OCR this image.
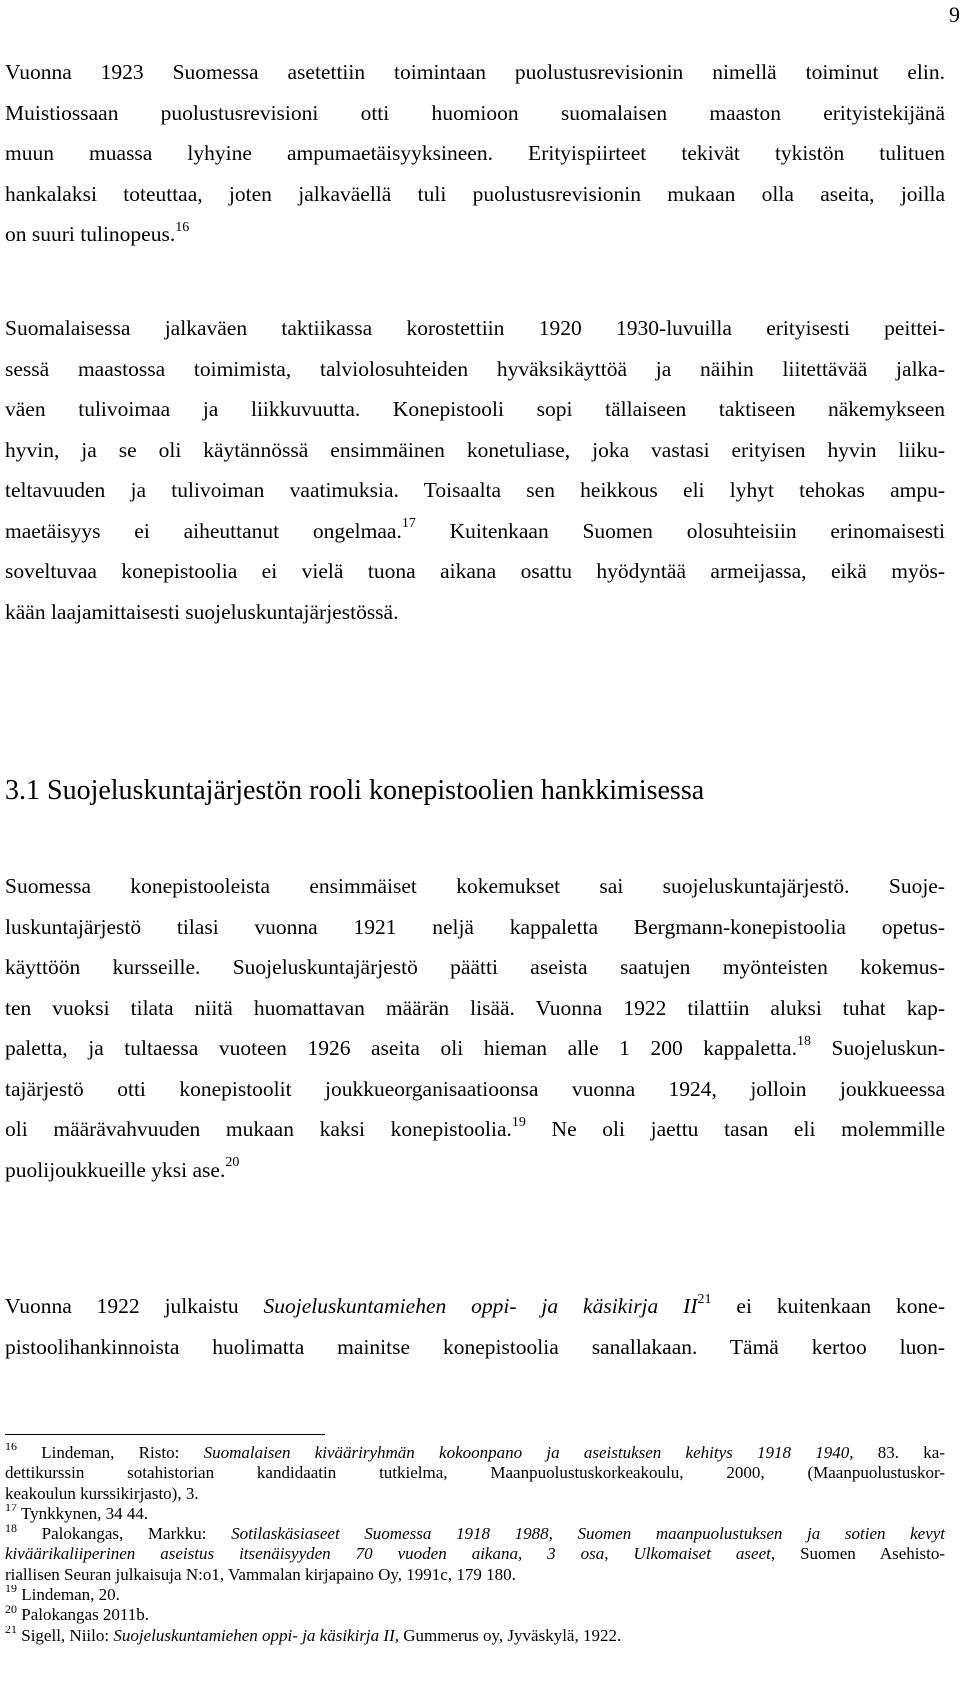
9
Vuonna 1923 Suomessa asetettiin toimintaan puolustusrevisionin nimellä toiminut elin.
Muistiossaan puolustusrevisioni otti huomioon suomalaisen maaston erityistekijänä
muun muassa lyhyine ampumaetäisyyksineen. Erityispiirteet tekivät tykistön tulituen
hankalaksi toteuttaa, joten jalkaväellä tuli puolustusrevisionin mukaan olla aseita, joilla
on suuri tulinopeus.$^{16}$
Suomalaisessa jalkaväen taktiikassa korostettiin 1920 1930-luvuilla erityisesti peittei-
sessä maastossa toimimista, talviolosuhteiden hyväksikäyttöä ja näihin liitettävää jalka-
väen tulivoimaa ja liikkuvuutta. Konepistooli sopi tällaiseen taktiseen näkemykseen
hyvin, ja se oli käytännössä ensimmäinen konetuliase, joka vastasi erityisen hyvin liiku-
teltavuuden ja tulivoiman vaatimuksia. Toisaalta sen heikkous eli lyhyt tehokas ampu-
maetäisyys ei aiheuttanut ongelmaa.$^{17}$ Kuitenkaan Suomen olosuhteisiin erinomaisesti
soveltuvaa konepistoolia ei vielä tuona aikana osattu hyödyntää armeijassa, eikä myös-
kään laajamittaisesti suojeluskuntajärjestössä.
3.1 Suojeluskuntajärjestön rooli konepistoolien hankkimisessa
Suomessa konepistooleista ensimmäiset kokemukset sai suojeluskuntajärjestö. Suoje-
luskuntajärjestö tilasi vuonna 1921 neljä kappaletta Bergmann-konepistoolia opetus-
käyttöön kursseille. Suojeluskuntajärjestö päätti aseista saatujen myönteisten kokemus-
ten vuoksi tilata niitä huomattavan määrän lisää. Vuonna 1922 tilattiin aluksi tuhat kap-
paletta, ja tultaessa vuoteen 1926 aseita oli hieman alle 1 200 kappaletta.$^{18}$ Suojeluskun-
tajärjestö otti konepistoolit joukkueorganisaatioonsa vuonna 1924, jolloin joukkueessa
oli määrävahvuuden mukaan kaksi konepistoolia.$^{19}$ Ne oli jaettu tasan eli molemmille
puolijoukkueille yksi ase.$^{20}$
Vuonna 1922 julkaistu Suojeluskuntamiehen oppi- ja käsikirja II$^{21}$ ei kuitenkaan kone-
pistoolihankinnoista huolimatta mainitse konepistoolia sanallakaan. Tämä kertoo luon-
$^{16}$ Lindeman, Risto: Suomalaisen kivääriryhmän kokoonpano ja aseistuksen kehitys 1918 1940, 83. ka-
dettikurssin sotahistorian kandidaatin tutkielma, Maanpuolustuskorkeakoulu, 2000, (Maanpuolustuskor-
keakoulun kurssikirjasto), 3.
$^{17}$ Tynkkynen, 34 44.
$^{18}$ Palokangas, Markku: Sotilaskäsiaseet Suomessa 1918 1988, Suomen maanpuolustuksen ja sotien kevyt
kiväärikaliiperinen aseistus itsenäisyyden 70 vuoden aikana, 3 osa, Ulkomaiset aseet, Suomen Asehisto-
riallisen Seuran julkaisuja N:o1, Vammalan kirjapaino Oy, 1991c, 179 180.
$^{19}$ Lindeman, 20.
$^{20}$ Palokangas 2011b.
$^{21}$ Sigell, Niilo: Suojeluskuntamiehen oppi- ja käsikirja II, Gummerus oy, Jyväskylä, 1922.
